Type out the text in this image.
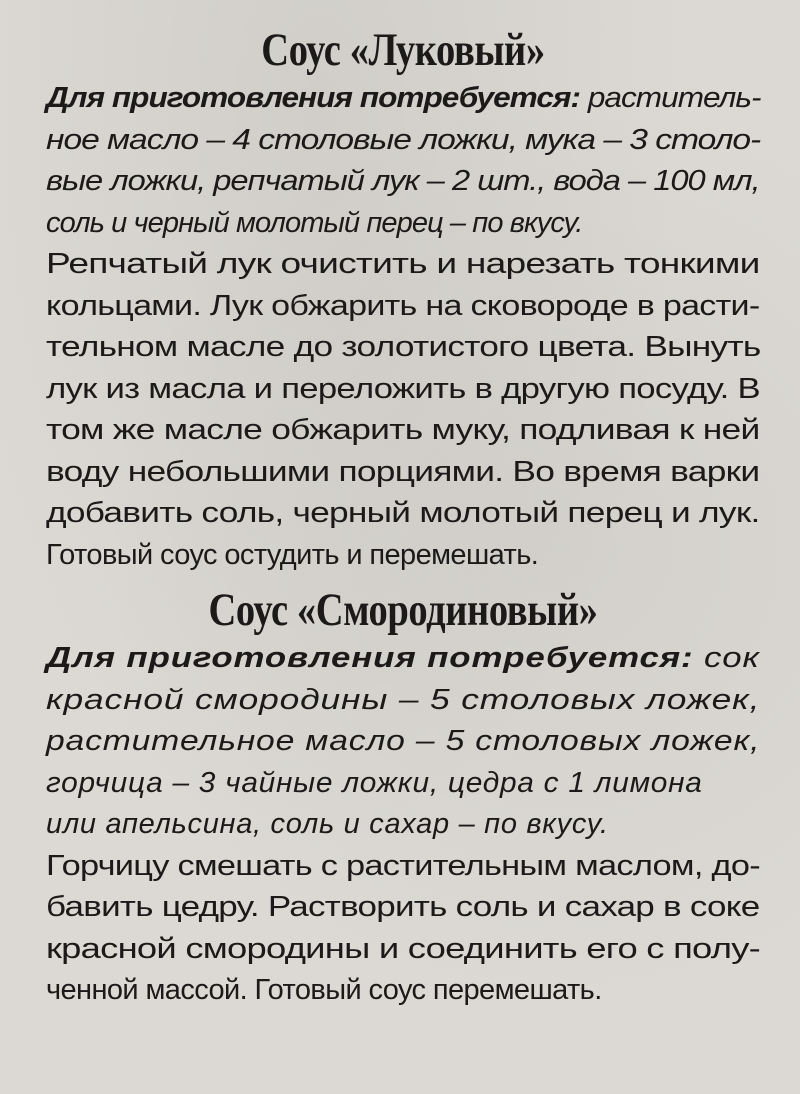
Соус «Луковый»
Для приготовления потребуется: раститель-
ное масло – 4 столовые ложки, мука – 3 столо-
вые ложки, репчатый лук – 2 шт., вода – 100 мл,
соль и черный молотый перец – по вкусу.
Репчатый лук очистить и нарезать тонкими
кольцами. Лук обжарить на сковороде в расти-
тельном масле до золотистого цвета. Вынуть
лук из масла и переложить в другую посуду. В
том же масле обжарить муку, подливая к ней
воду небольшими порциями. Во время варки
добавить соль, черный молотый перец и лук.
Готовый соус остудить и перемешать.
Соус «Смородиновый»
Для приготовления потребуется: сок
красной смородины – 5 столовых ложек,
растительное масло – 5 столовых ложек,
горчица – 3 чайные ложки, цедра с 1 лимона
или апельсина, соль и сахар – по вкусу.
Горчицу смешать с растительным маслом, до-
бавить цедру. Растворить соль и сахар в соке
красной смородины и соединить его с полу-
ченной массой. Готовый соус перемешать.
